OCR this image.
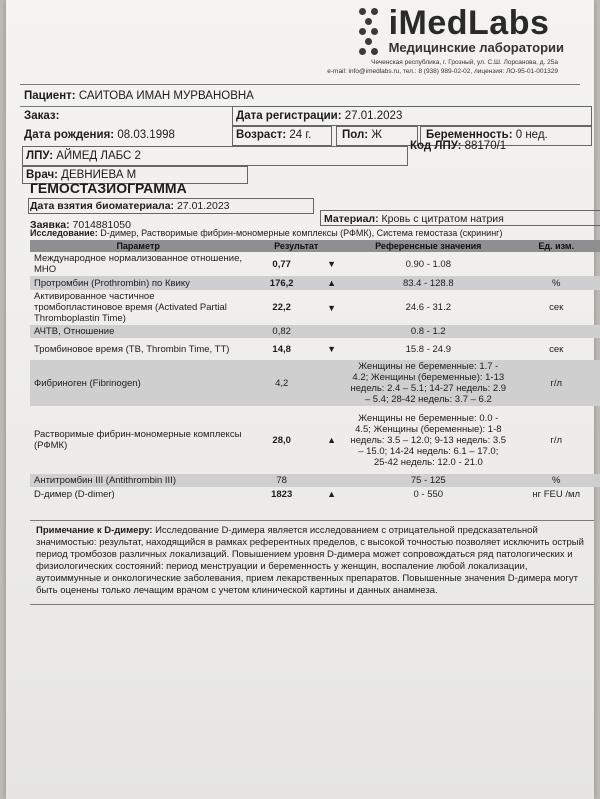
iMedLabs
Медицинские лаборатории
Чеченская республика, г. Грозный, ул. С.Ш. Лорсанова, д. 25а
e-mail: info@imedlabs.ru, тел.: 8 (938) 989-02-02, лицензия: ЛО-95-01-001329
Пациент: САИТОВА ИМАН МУРВАНОВНА
Заказ:	Дата регистрации: 27.01.2023
Дата рождения: 08.03.1998	Возраст: 24 г.	Пол: Ж	Беременность: 0 нед.
ЛПУ: АЙМЕД ЛАБС 2
Код ЛПУ: 88170/1
Врач: ДЕВНИЕВА М
ГЕМОСТАЗИОГРАММА
Дата взятия биоматериала: 27.01.2023
Заявка: 7014881050	Материал: Кровь с цитратом натрия
Исследование: D-димер, Растворимые фибрин-мономерные комплексы (РФМК), Система гемостаза (скрининг)
Параметр	Результат		Референсные значения	Ед. изм.
Международное нормализованное отношение, МНО	0,77	▼	0.90 - 1.08	
Протромбин (Prothrombin) по Квику	176,2	▲	83.4 - 128.8	%
Активированное частичное тромбопластиновое время (Activated Partial Thromboplastin Time)	22,2	▼	24.6 - 31.2	сек
АЧТВ, Отношение	0,82		0.8 - 1.2	
Тромбиновое время (ТВ, Thrombin Time, TT)	14,8	▼	15.8 - 24.9	сек
Фибриноген (Fibrinogen)	4,2		Женщины не беременные: 1.7 - 4.2; Женщины (беременные): 1-13 недель: 2.4 – 5.1; 14-27 недель: 2.9 – 5.4; 28-42 недель: 3.7 – 6.2	г/л
Растворимые фибрин-мономерные комплексы (РФМК)	28,0	▲	Женщины не беременные: 0.0 - 4.5; Женщины (беременные): 1-8 недель: 3.5 – 12.0; 9-13 недель: 3.5 – 15.0; 14-24 недель: 6.1 – 17.0; 25-42 недель: 12.0 - 21.0	г/л
Антитромбин III (Antithrombin III)	78		75 - 125	%
D-димер (D-dimer)	1823	▲	0 - 550	нг FEU /мл
Примечание к D-димеру: Исследование D-димера является исследованием с отрицательной предсказательной значимостью: результат, находящийся в рамках референтных пределов, с высокой точностью позволяет исключить острый период тромбозов различных локализаций. Повышением уровня D-димера может сопровождаться ряд патологических и физиологических состояний: период менструации и беременность у женщин, воспаление любой локализации, аутоиммунные и онкологические заболевания, прием лекарственных препаратов. Повышенные значения D-димера могут быть оценены только лечащим врачом с учетом клинической картины и данных анамнеза.
